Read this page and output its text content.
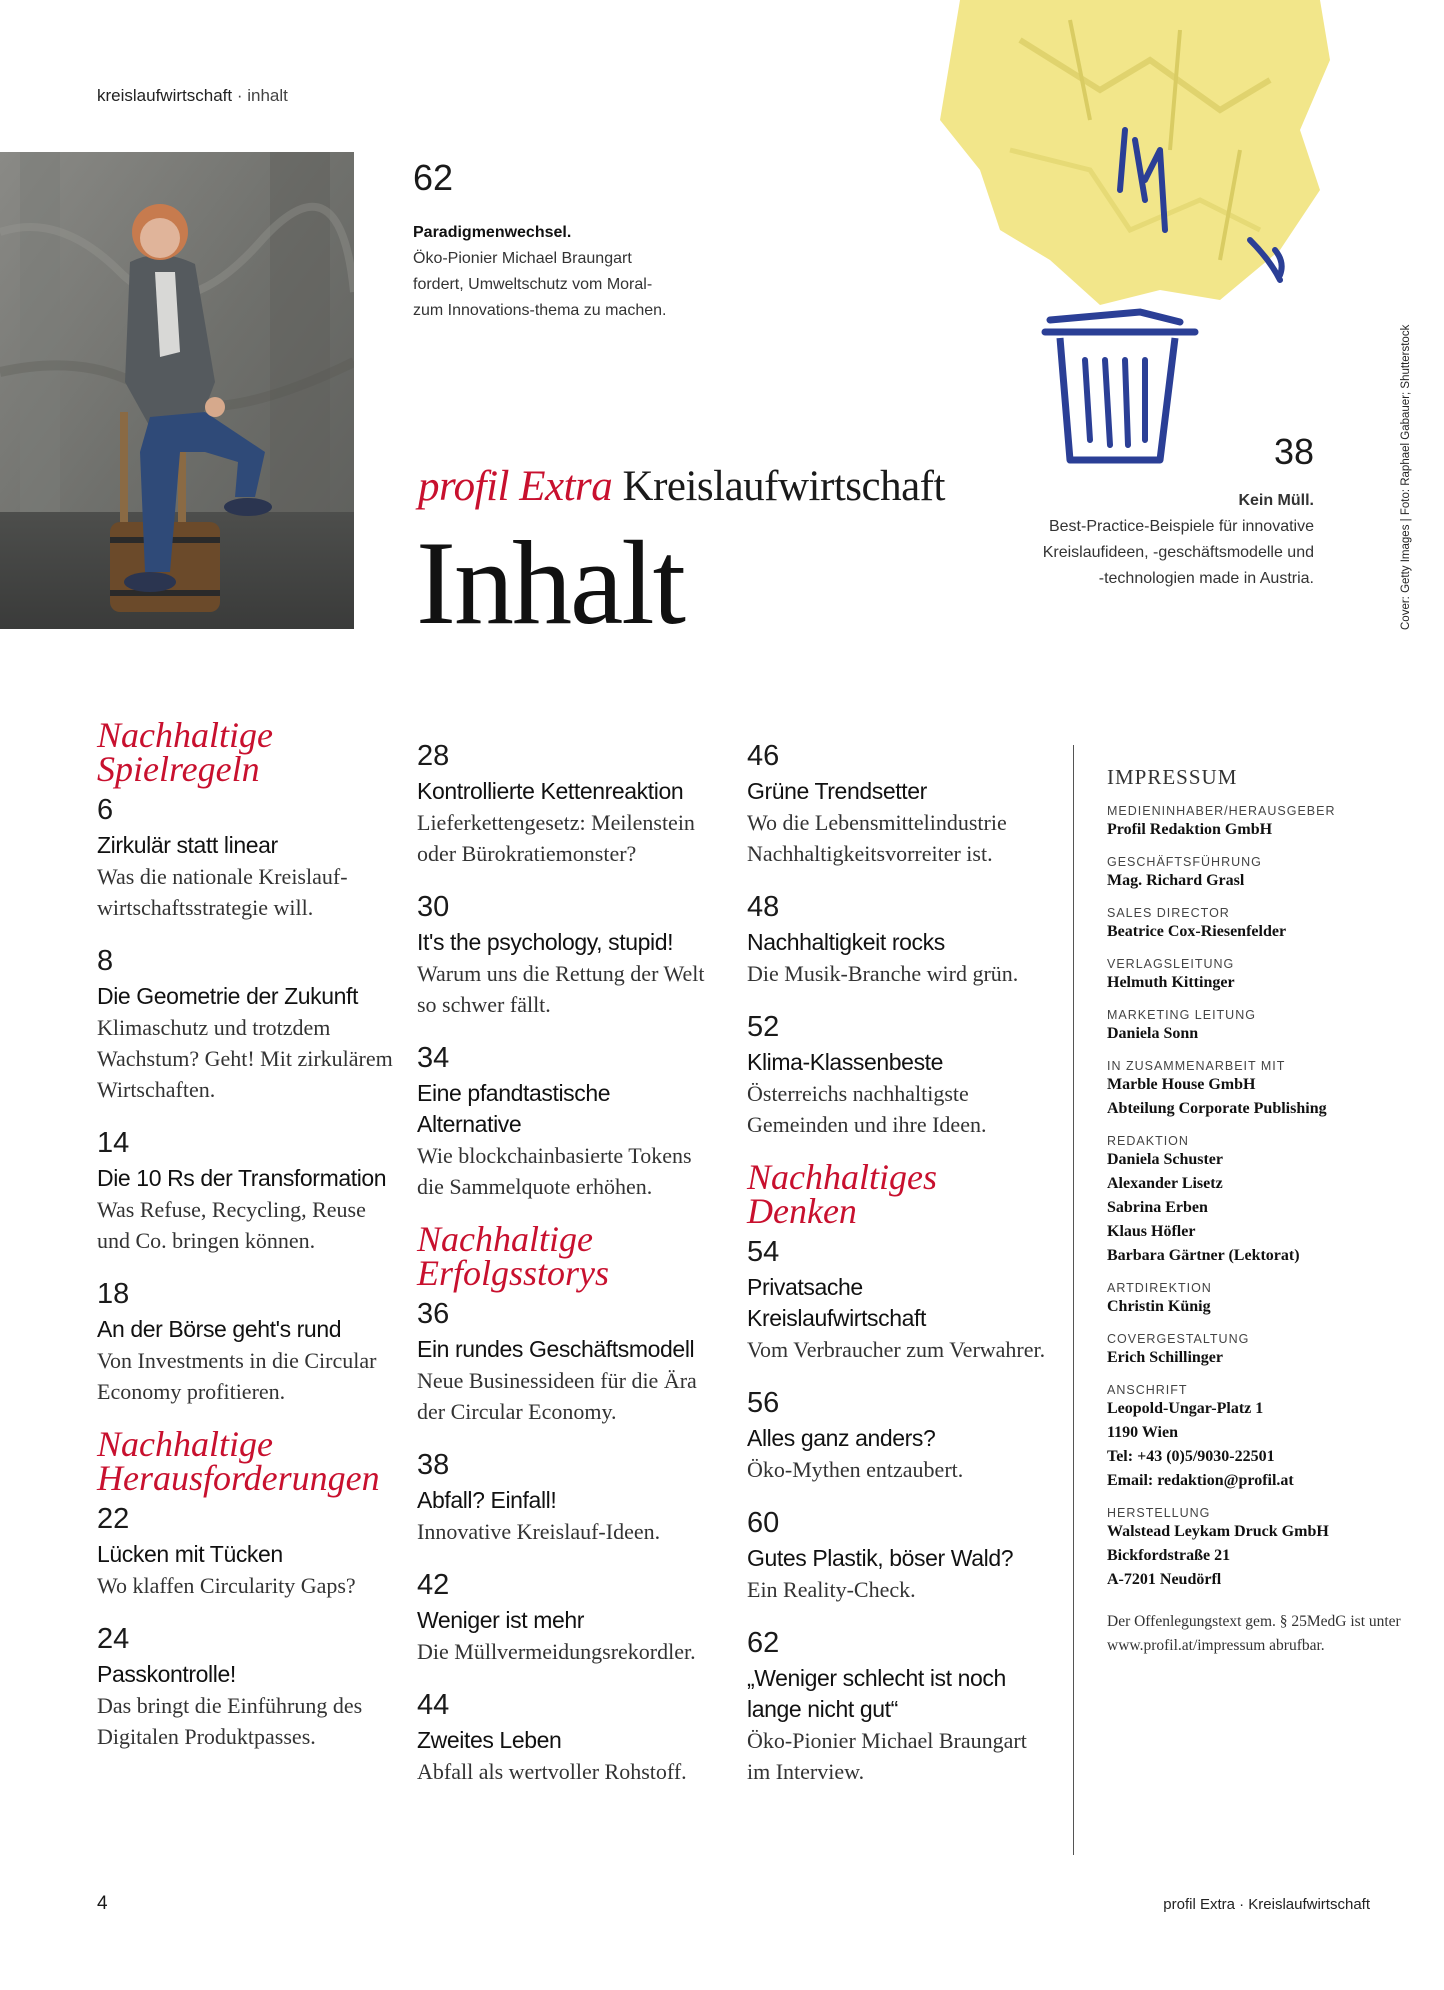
kreislaufwirtschaft · inhalt
62
Paradigmenwechsel.
Öko-Pionier Michael Braungart fordert, Umweltschutz vom Moral- zum Innovations-thema zu machen.
38
Kein Müll.
Best-Practice-Beispiele für innovative Kreislaufideen, -geschäftsmodelle und -technologien made in Austria.	Cover: Getty Images | Foto: Raphael Gabauer; Shutterstock
profil Extra Kreislaufwirtschaft
Inhalt
Nachhaltige Spielregeln
6
Zirkulär statt linear
Was die nationale Kreislauf-wirtschaftsstrategie will.
8
Die Geometrie der Zukunft
Klimaschutz und trotzdem Wachstum? Geht! Mit zirkulärem Wirtschaften.
14
Die 10 Rs der Transformation
Was Refuse, Recycling, Reuse und Co. bringen können.
18
An der Börse geht's rund
Von Investments in die Circular Economy profitieren.
Nachhaltige Herausforderungen
22
Lücken mit Tücken
Wo klaffen Circularity Gaps?
24
Passkontrolle!
Das bringt die Einführung des Digitalen Produktpasses.
28
Kontrollierte Kettenreaktion
Lieferkettengesetz: Meilenstein oder Bürokratiemonster?
30
It's the psychology, stupid!
Warum uns die Rettung der Welt so schwer fällt.
34
Eine pfandtastische Alternative
Wie blockchainbasierte Tokens die Sammelquote erhöhen.
Nachhaltige Erfolgsstorys
36
Ein rundes Geschäftsmodell
Neue Businessideen für die Ära der Circular Economy.
38
Abfall? Einfall!
Innovative Kreislauf-Ideen.
42
Weniger ist mehr
Die Müllvermeidungsrekordler.
44
Zweites Leben
Abfall als wertvoller Rohstoff.
46
Grüne Trendsetter
Wo die Lebensmittelindustrie Nachhaltigkeitsvorreiter ist.
48
Nachhaltigkeit rocks
Die Musik-Branche wird grün.
52
Klima-Klassenbeste
Österreichs nachhaltigste Gemeinden und ihre Ideen.
Nachhaltiges Denken
54
Privatsache Kreislaufwirtschaft
Vom Verbraucher zum Verwahrer.
56
Alles ganz anders?
Öko-Mythen entzaubert.
60
Gutes Plastik, böser Wald?
Ein Reality-Check.
62
„Weniger schlecht ist noch lange nicht gut“
Öko-Pionier Michael Braungart im Interview.
IMPRESSUM
MEDIENINHABER/HERAUSGEBER
Profil Redaktion GmbH
GESCHÄFTSFÜHRUNG
Mag. Richard Grasl
SALES DIRECTOR
Beatrice Cox-Riesenfelder
VERLAGSLEITUNG
Helmuth Kittinger
MARKETING LEITUNG
Daniela Sonn
IN ZUSAMMENARBEIT MIT
Marble House GmbH
Abteilung Corporate Publishing
REDAKTION
Daniela Schuster
Alexander Lisetz
Sabrina Erben
Klaus Höfler
Barbara Gärtner (Lektorat)
ARTDIREKTION
Christin Künig
COVERGESTALTUNG
Erich Schillinger
ANSCHRIFT
Leopold-Ungar-Platz 1
1190 Wien
Tel: +43 (0)5/9030-22501
Email: redaktion@profil.at
HERSTELLUNG
Walstead Leykam Druck GmbH
Bickfordstraße 21
A-7201 Neudörfl
Der Offenlegungstext gem. § 25MedG ist unter www.profil.at/impressum abrufbar.
4	profil Extra · Kreislaufwirtschaft
